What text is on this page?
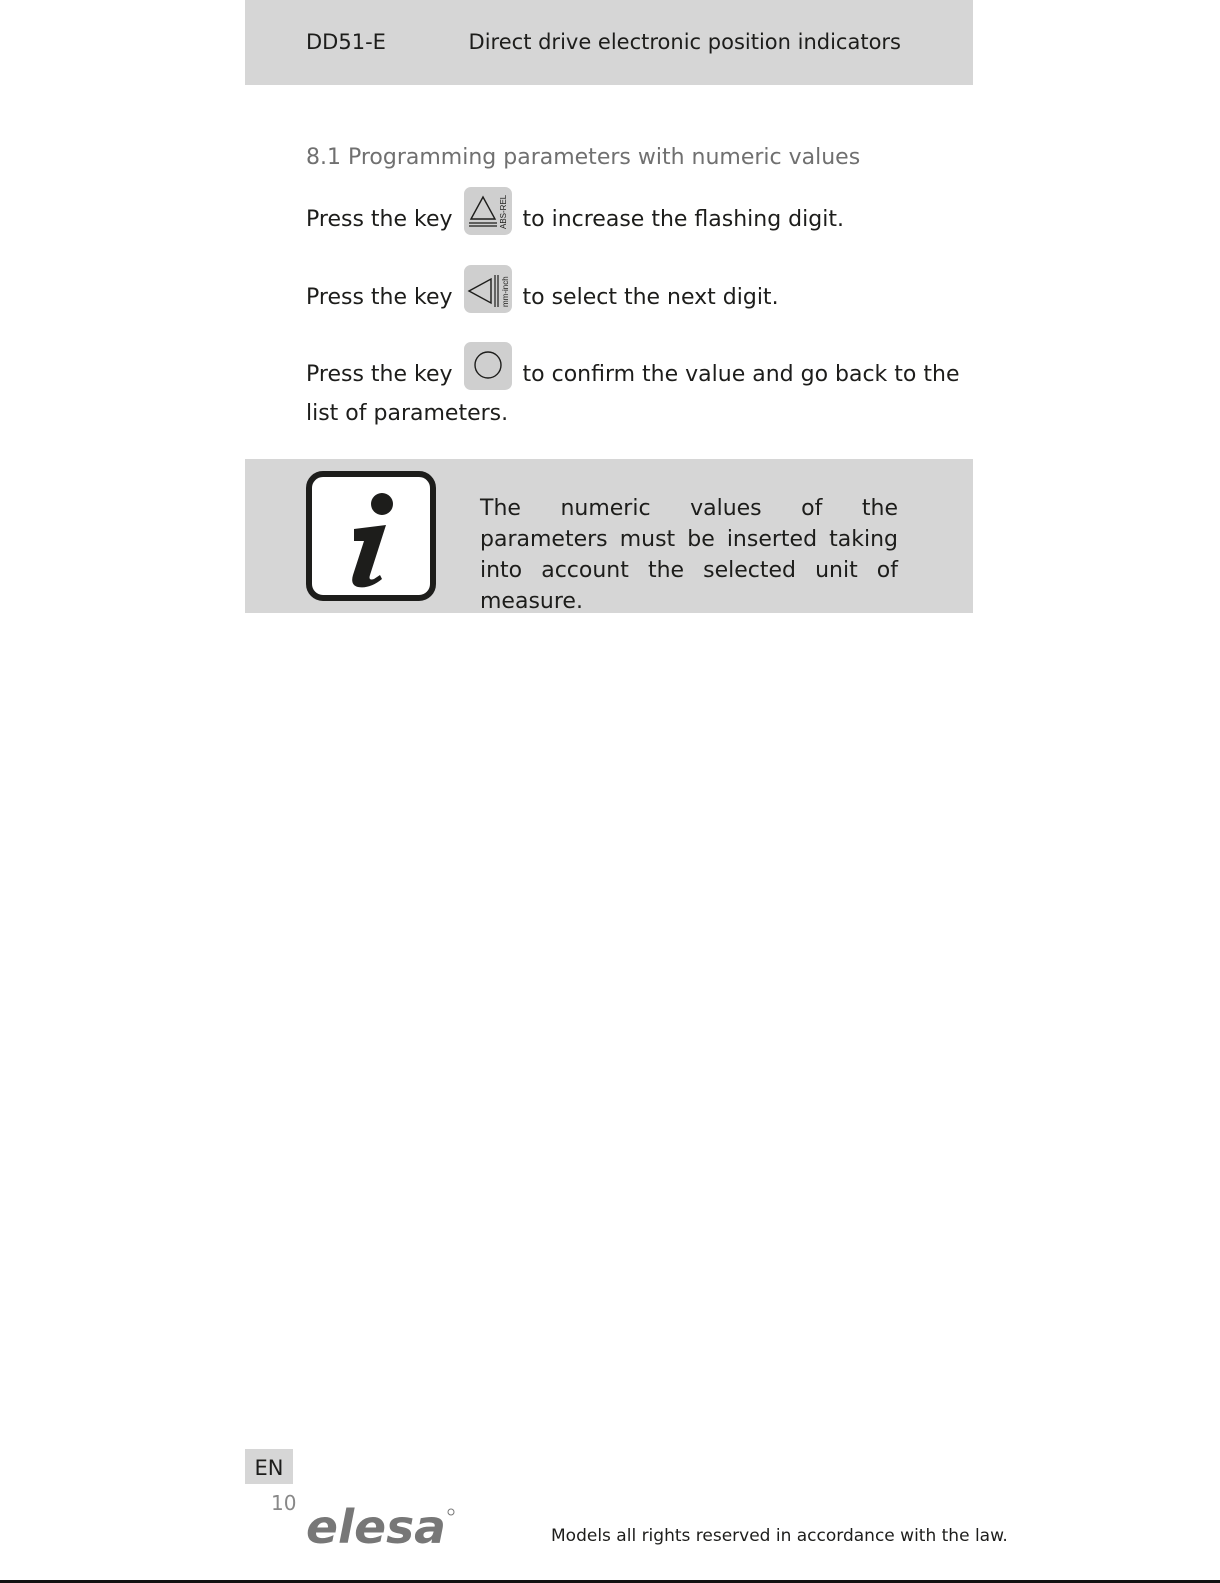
DD51-E	Direct drive electronic position indicators
8.1 Programming parameters with numeric values
Press the key	ABS-REL to increase the flashing digit.
Press the key	mm-inch to select the next digit.
Press the key	to confirm the value and go back to the
list of parameters.
The numeric values of the parameters must be inserted taking into account the selected unit of measure.
EN
10 elesa	Models all rights reserved in accordance with the law.
